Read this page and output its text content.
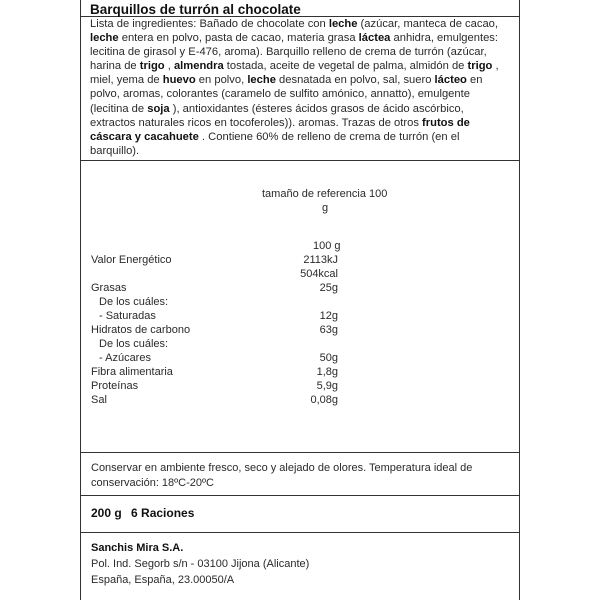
Barquillos de turrón al chocolate
Lista de ingredientes: Bañado de chocolate con leche (azúcar, manteca de cacao, leche entera en polvo, pasta de cacao, materia grasa láctea anhidra, emulgentes: lecitina de girasol y E-476, aroma). Barquillo relleno de crema de turrón (azúcar, harina de trigo , almendra tostada, aceite de vegetal de palma, almidón de trigo , miel, yema de huevo en polvo, leche desnatada en polvo, sal, suero lácteo en polvo, aromas, colorantes (caramelo de sulfito amónico, annatto), emulgente (lecitina de soja ), antioxidantes (ésteres ácidos grasos de ácido ascórbico, extractos naturales ricos en tocoferoles)). aromas. Trazas de otros frutos de cáscara y cacahuete . Contiene 60% de relleno de crema de turrón (en el barquillo).
tamaño de referencia 100
g
100 g
Valor Energético	2113kJ
504kcal
Grasas	25g
De los cuáles:
- Saturadas	12g
Hidratos de carbono	63g
De los cuáles:
- Azúcares	50g
Fibra alimentaria	1,8g
Proteínas	5,9g
Sal	0,08g
Conservar en ambiente fresco, seco y alejado de olores. Temperatura ideal de conservación: 18ºC-20ºC
200 g 6 Raciones
Sanchis Mira S.A.
Pol. Ind. Segorb s/n - 03100 Jijona (Alicante)
España, España, 23.00050/A
